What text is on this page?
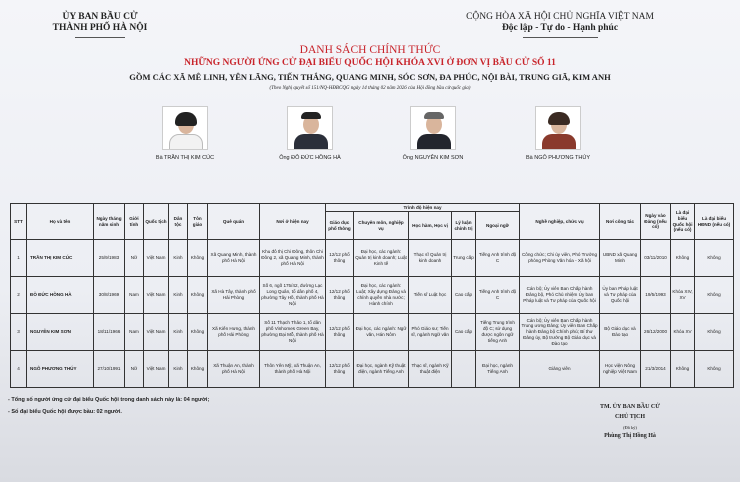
ỦY BAN BẦU CỬ
THÀNH PHỐ HÀ NỘI
CỘNG HÒA XÃ HỘI CHỦ NGHĨA VIỆT NAM
Độc lập - Tự do - Hạnh phúc
DANH SÁCH CHÍNH THỨC
NHỮNG NGƯỜI ỨNG CỬ ĐẠI BIỂU QUỐC HỘI KHÓA XVI Ở ĐƠN VỊ BẦU CỬ SỐ 11
GỒM CÁC XÃ MÊ LINH, YÊN LÃNG, TIẾN THẮNG, QUANG MINH, SÓC SƠN, ĐA PHÚC, NỘI BÀI, TRUNG GIÃ, KIM ANH
(Theo Nghị quyết số 151/NQ-HĐBCQG ngày 14 tháng 02 năm 2026 của Hội đồng bầu cử quốc gia)
Bà TRẦN THỊ KIM CÚC	Ông ĐỖ ĐỨC HỒNG HÀ	Ông NGUYỄN KIM SƠN	Bà NGÔ PHƯƠNG THÚY
STT	Họ và tên	Ngày tháng năm sinh	Giới tính	Quốc tịch	Dân tộc	Tôn giáo	Quê quán	Nơi ở hiện nay	Trình độ hiện nay					Nghề nghiệp, chức vụ	Nơi công tác	Ngày vào Đảng (nếu có)	Là đại biểu Quốc hội (nếu có)	Là đại biểu HĐND (nếu có)
									Giáo dục phổ thông	Chuyên môn, nghiệp vụ	Học hàm, Học vị	Lý luận chính trị	Ngoại ngữ					
1	TRẦN THỊ KIM CÚC	25/9/1983	Nữ	Việt Nam	Kinh	Không	Xã Quang Minh, thành phố Hà Nội	Khu đô thị Chi Đông, thôn Chi Đông 2, xã Quang Minh, thành phố Hà Nội	12/12 phổ thông	Đại học, các ngành: Quản trị kinh doanh; Luật Kinh tế	Thạc sĩ Quản trị kinh doanh	Trung cấp	Tiếng Anh trình độ C	Công chức; Chi ủy viên, Phó Trưởng phòng Phòng Văn hóa - Xã hội	UBND xã Quang Minh	03/11/2010	Không	Không
2	ĐỖ ĐỨC HỒNG HÀ	30/8/1969	Nam	Việt Nam	Kinh	Không	Xã Hà Tây, thành phố Hải Phòng	Số 6, ngõ 175/42, đường Lạc Long Quân, tổ dân phố 4, phường Tây Hồ, thành phố Hà Nội	12/12 phổ thông	Đại học, các ngành: Luật; Xây dựng Đảng và chính quyền nhà nước; Hành chính	Tiến sĩ Luật học	Cao cấp	Tiếng Anh trình độ C	Cán bộ; Ủy viên Ban Chấp hành Đảng bộ, Phó Chủ nhiệm Ủy ban Pháp luật và Tư pháp của Quốc hội	Ủy ban Pháp luật và Tư pháp của Quốc hội	19/5/1993	Khóa XIV, XV	Không
3	NGUYỄN KIM SƠN	18/11/1966	Nam	Việt Nam	Kinh	Không	Xã Kiến Hưng, thành phố Hải Phòng	Số 11 Thạch Thảo 1, tổ dân phố Vinhomes Green Bay, phường Đại Mỗ, thành phố Hà Nội	12/12 phổ thông	Đại học, các ngành: Ngữ văn, Hán Nôm	Phó Giáo sư; Tiến sĩ, ngành Ngữ văn	Cao cấp	Tiếng Trung trình độ C; sử dụng được ngôn ngữ tiếng Anh	Cán bộ; Ủy viên Ban Chấp hành Trung ương Đảng; Ủy viên Ban Chấp hành Đảng bộ Chính phủ; Bí thư Đảng ủy, Bộ trưởng Bộ Giáo dục và Đào tạo	Bộ Giáo dục và Đào tạo	26/12/2000	Khóa XV	Không
4	NGÔ PHƯƠNG THÚY	27/10/1991	Nữ	Việt Nam	Kinh	Không	Xã Thuận An, thành phố Hà Nội	Thôn Yên Mỹ, xã Thuận An, thành phố Hà Nội	12/12 phổ thông	Đại học, ngành Kỹ thuật điện, ngành Tiếng Anh	Thạc sĩ, ngành Kỹ thuật điện		Đại học, ngành Tiếng Anh	Giảng viên	Học viện Nông nghiệp Việt Nam	21/3/2014	Không	Không
- Tổng số người ứng cử đại biểu Quốc hội trong danh sách này là: 04 người;
- Số đại biểu Quốc hội được bầu: 02 người.
TM. ỦY BAN BẦU CỬ
CHỦ TỊCH
(Đã ký)
Phùng Thị Hồng Hà
